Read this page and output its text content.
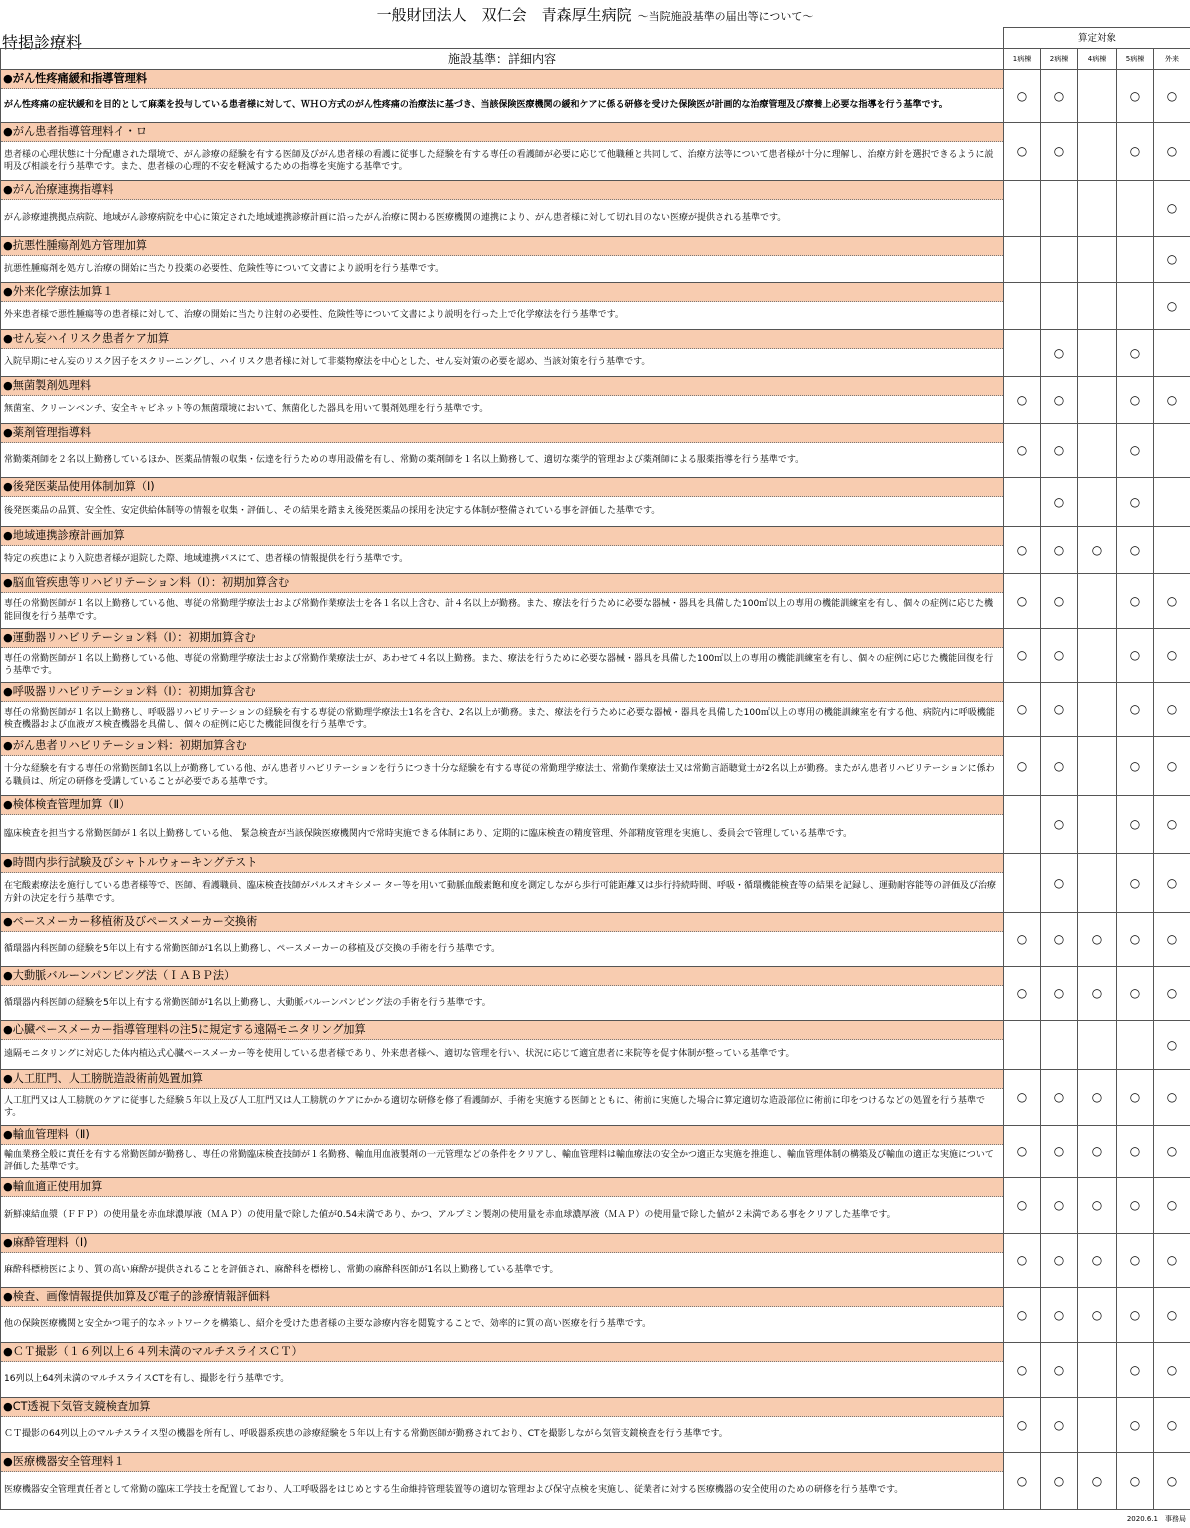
一般財団法人　双仁会　青森厚生病院 ～当院施設基準の届出等について～
特掲診療料
		算定対象				
施設基準：詳細内容	1病棟	2病棟	4病棟	5病棟	外来

●がん性疼痛緩和指導管理料
がん性疼痛の症状緩和を目的として麻薬を投与している患者様に対して、ＷＨＯ方式のがん性疼痛の治療法に基づき、当該保険医療機関の緩和ケアに係る研修を受けた保険医が計画的な治療管理及び療養上必要な指導を行う基準です。	○	○		○	○

●がん患者指導管理料イ・ロ
患者様の心理状態に十分配慮された環境で、がん診療の経験を有する医師及びがん患者様の看護に従事した経験を有する専任の看護師が必要に応じて他職種と共同して、治療方法等について患者様が十分に理解し、治療方針を選択できるように説明及び相談を行う基準です。また、患者様の心理的不安を軽減するための指導を実施する基準です。	○	○		○	○

●がん治療連携指導料
がん診療連携拠点病院、地域がん診療病院を中心に策定された地域連携診療計画に沿ったがん治療に関わる医療機関の連携により、がん患者様に対して切れ目のない医療が提供される基準です。					○

●抗悪性腫瘍剤処方管理加算
抗悪性腫瘍剤を処方し治療の開始に当たり投薬の必要性、危険性等について文書により説明を行う基準です。					○

●外来化学療法加算１
外来患者様で悪性腫瘍等の患者様に対して、治療の開始に当たり注射の必要性、危険性等について文書により説明を行った上で化学療法を行う基準です。					○

●せん妄ハイリスク患者ケア加算
入院早期にせん妄のリスク因子をスクリーニングし、ハイリスク患者様に対して非薬物療法を中心とした、せん妄対策の必要を認め、当該対策を行う基準です。		○		○	

●無菌製剤処理料
無菌室、クリーンベンチ、安全キャビネット等の無菌環境において、無菌化した器具を用いて製剤処理を行う基準です。	○	○		○	○

●薬剤管理指導料
常勤薬剤師を２名以上勤務しているほか、医薬品情報の収集・伝達を行うための専用設備を有し、常勤の薬剤師を１名以上勤務して、適切な薬学的管理および薬剤師による服薬指導を行う基準です。	○	○		○	

●後発医薬品使用体制加算（Ⅰ)
後発医薬品の品質、安全性、安定供給体制等の情報を収集・評価し、その結果を踏まえ後発医薬品の採用を決定する体制が整備されている事を評価した基準です。		○		○	

●地域連携診療計画加算
特定の疾患により入院患者様が退院した際、地域連携パスにて、患者様の情報提供を行う基準です。	○	○	○	○	

●脳血管疾患等リハビリテーション料（Ⅰ）：初期加算含む
専任の常勤医師が１名以上勤務している他、専従の常勤理学療法士および常勤作業療法士を各１名以上含む、計４名以上が勤務。また、療法を行うために必要な器械・器具を具備した100㎡以上の専用の機能訓練室を有し、個々の症例に応じた機能回復を行う基準です。	○	○		○	○

●運動器リハビリテーション料（Ⅰ）：初期加算含む
専任の常勤医師が１名以上勤務している他、専従の常勤理学療法士および常勤作業療法士が、あわせて４名以上勤務。また、療法を行うために必要な器械・器具を具備した100㎡以上の専用の機能訓練室を有し、個々の症例に応じた機能回復を行う基準です。	○	○		○	○

●呼吸器リハビリテーション料（Ⅰ）：初期加算含む
専任の常勤医師が１名以上勤務し、呼吸器リハビリテーションの経験を有する専従の常勤理学療法士1名を含む、2名以上が勤務。また、療法を行うために必要な器械・器具を具備した100㎡以上の専用の機能訓練室を有する他、病院内に呼吸機能検査機器および血液ガス検査機器を具備し、個々の症例に応じた機能回復を行う基準です。	○	○		○	○

●がん患者リハビリテーション料：初期加算含む
十分な経験を有する専任の常勤医師1名以上が勤務している他、がん患者リハビリテーションを行うにつき十分な経験を有する専従の常勤理学療法士、常勤作業療法士又は常勤言語聴覚士が2名以上が勤務。またがん患者リハビリテーションに係わる職員は、所定の研修を受講していることが必要である基準です。	○	○		○	○

●検体検査管理加算（Ⅱ）
臨床検査を担当する常勤医師が１名以上勤務している他、 緊急検査が当該保険医療機関内で常時実施できる体制にあり、定期的に臨床検査の精度管理、外部精度管理を実施し、委員会で管理している基準です。		○		○	○

●時間内歩行試験及びシャトルウォーキングテスト
在宅酸素療法を施行している患者様等で、医師、看護職員、臨床検査技師がパルスオキシメー ター等を用いて動脈血酸素飽和度を測定しながら歩行可能距離又は歩行持続時間、呼吸・循環機能検査等の結果を記録し、運動耐容能等の評価及び治療方針の決定を行う基準です。		○		○	○

●ペースメーカー移植術及びペースメーカー交換術
循環器内科医師の経験を5年以上有する常勤医師が1名以上勤務し、ペースメーカーの移植及び交換の手術を行う基準です。	○	○	○	○	○

●大動脈バルーンパンピング法（ＩＡＢＰ法）
循環器内科医師の経験を5年以上有する常勤医師が1名以上勤務し、大動脈バルーンパンピング法の手術を行う基準です。	○	○	○	○	○

●心臓ペースメーカー指導管理料の注5に規定する遠隔モニタリング加算
遠隔モニタリングに対応した体内植込式心臓ペースメーカー等を使用している患者様であり、外来患者様へ、適切な管理を行い、状況に応じて適宜患者に来院等を促す体制が整っている基準です。					○

●人工肛門、人工膀胱造設術前処置加算
人工肛門又は人工膀胱のケアに従事した経験５年以上及び人工肛門又は人工膀胱のケアにかかる適切な研修を修了看護師が、手術を実施する医師とともに、術前に実施した場合に算定適切な造設部位に術前に印をつけるなどの処置を行う基準です。	○	○	○	○	○

●輸血管理料（Ⅱ)
輸血業務全般に責任を有する常勤医師が勤務し、専任の常勤臨床検査技師が１名勤務、輸血用血液製剤の一元管理などの条件をクリアし、輸血管理料は輸血療法の安全かつ適正な実施を推進し、輸血管理体制の構築及び輸血の適正な実施について評価した基準です。	○	○	○	○	○

●輸血適正使用加算
新鮮凍結血漿（ＦＦＰ）の使用量を赤血球濃厚液（ＭＡＰ）の使用量で除した値が0.54未満であり、かつ、アルブミン製剤の使用量を赤血球濃厚液（ＭＡＰ）の使用量で除した値が２未満である事をクリアした基準です。	○	○	○	○	○

●麻酔管理料（Ⅰ)
麻酔科標榜医により、質の高い麻酔が提供されることを評価され、麻酔科を標榜し、常勤の麻酔科医師が1名以上勤務している基準です。	○	○	○	○	○

●検査、画像情報提供加算及び電子的診療情報評価料
他の保険医療機関と安全かつ電子的なネットワークを構築し、紹介を受けた患者様の主要な診療内容を閲覧することで、効率的に質の高い医療を行う基準です。	○	○	○	○	○

●ＣＴ撮影（１６列以上６４列未満のマルチスライスＣＴ）
16列以上64列未満のマルチスライスCTを有し、撮影を行う基準です。	○	○		○	○

●CT透視下気管支鏡検査加算
ＣＴ撮影の64列以上のマルチスライス型の機器を所有し、呼吸器系疾患の診療経験を５年以上有する常勤医師が勤務されており、CTを撮影しながら気管支鏡検査を行う基準です。	○	○		○	○

●医療機器安全管理料１
医療機器安全管理責任者として常勤の臨床工学技士を配置しており、人工呼吸器をはじめとする生命維持管理装置等の適切な管理および保守点検を実施し、従業者に対する医療機器の安全使用のための研修を行う基準です。	○	○	○	○	○
2020.6.1　事務局
